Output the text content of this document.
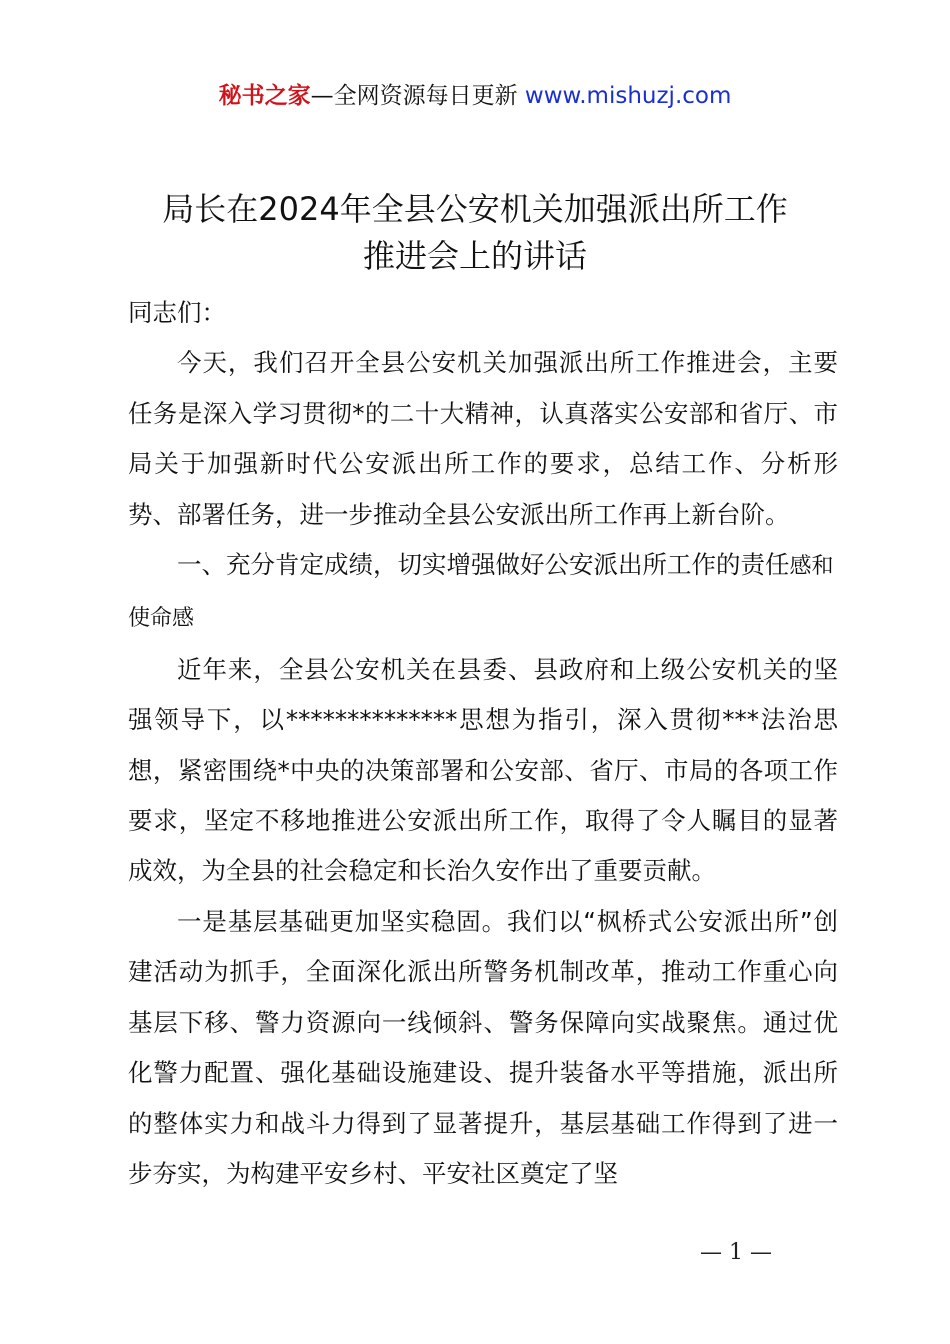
秘书之家—全网资源每日更新 www.mishuzj.com
局长在2024年全县公安机关加强派出所工作
推进会上的讲话
同志们：

今天，我们召开全县公安机关加强派出所工作推进会，主要任务是深入学习贯彻*的二十大精神，认真落实公安部和省厅、市局关于加强新时代公安派出所工作的要求，总结工作、分析形势、部署任务，进一步推动全县公安派出所工作再上新台阶。

一、充分肯定成绩，切实增强做好公安派出所工作的责任感和使命感

近年来，全县公安机关在县委、县政府和上级公安机关的坚强领导下，以**************思想为指引，深入贯彻***法治思想，紧密围绕*中央的决策部署和公安部、省厅、市局的各项工作要求，坚定不移地推进公安派出所工作，取得了令人瞩目的显著成效，为全县的社会稳定和长治久安作出了重要贡献。

一是基层基础更加坚实稳固。我们以“枫桥式公安派出所”创建活动为抓手，全面深化派出所警务机制改革，推动工作重心向基层下移、警力资源向一线倾斜、警务保障向实战聚焦。通过优化警力配置、强化基础设施建设、提升装备水平等措施，派出所的整体实力和战斗力得到了显著提升，基层基础工作得到了进一步夯实，为构建平安乡村、平安社区奠定了坚

— 1 —
